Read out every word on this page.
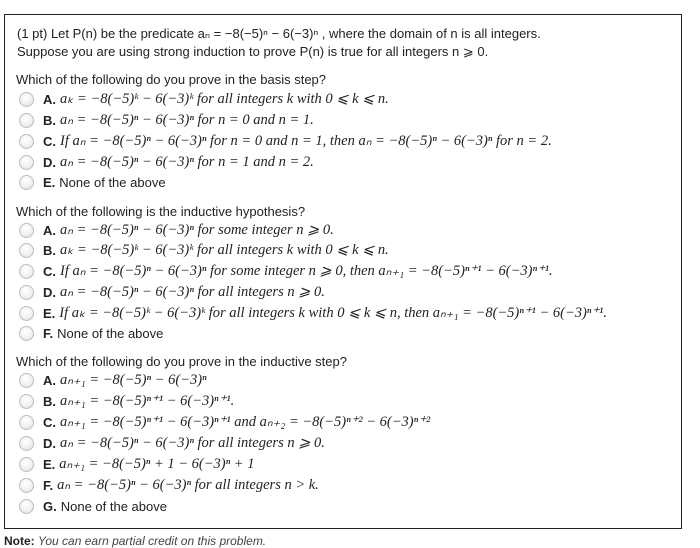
(1 pt) Let P(n) be the predicate aₙ = −8(−5)ⁿ − 6(−3)ⁿ , where the domain of n is all integers.
Suppose you are using strong induction to prove P(n) is true for all integers n ⩾ 0.
Which of the following do you prove in the basis step?
A. aₖ = −8(−5)ᵏ − 6(−3)ᵏ for all integers k with 0 ⩽ k ⩽ n.
B. aₙ = −8(−5)ⁿ − 6(−3)ⁿ for n = 0 and n = 1.
C. If aₙ = −8(−5)ⁿ − 6(−3)ⁿ for n = 0 and n = 1, then aₙ = −8(−5)ⁿ − 6(−3)ⁿ for n = 2.
D. aₙ = −8(−5)ⁿ − 6(−3)ⁿ for n = 1 and n = 2.
E. None of the above
Which of the following is the inductive hypothesis?
A. aₙ = −8(−5)ⁿ − 6(−3)ⁿ for some integer n ⩾ 0.
B. aₖ = −8(−5)ᵏ − 6(−3)ᵏ for all integers k with 0 ⩽ k ⩽ n.
C. If aₙ = −8(−5)ⁿ − 6(−3)ⁿ for some integer n ⩾ 0, then aₙ₊₁ = −8(−5)ⁿ⁺¹ − 6(−3)ⁿ⁺¹.
D. aₙ = −8(−5)ⁿ − 6(−3)ⁿ for all integers n ⩾ 0.
E. If aₖ = −8(−5)ᵏ − 6(−3)ᵏ for all integers k with 0 ⩽ k ⩽ n, then aₙ₊₁ = −8(−5)ⁿ⁺¹ − 6(−3)ⁿ⁺¹.
F. None of the above
Which of the following do you prove in the inductive step?
A. aₙ₊₁ = −8(−5)ⁿ − 6(−3)ⁿ
B. aₙ₊₁ = −8(−5)ⁿ⁺¹ − 6(−3)ⁿ⁺¹.
C. aₙ₊₁ = −8(−5)ⁿ⁺¹ − 6(−3)ⁿ⁺¹ and aₙ₊₂ = −8(−5)ⁿ⁺² − 6(−3)ⁿ⁺²
D. aₙ = −8(−5)ⁿ − 6(−3)ⁿ for all integers n ⩾ 0.
E. aₙ₊₁ = −8(−5)ⁿ + 1 − 6(−3)ⁿ + 1
F. aₙ = −8(−5)ⁿ − 6(−3)ⁿ for all integers n > k.
G. None of the above
Note: You can earn partial credit on this problem.
